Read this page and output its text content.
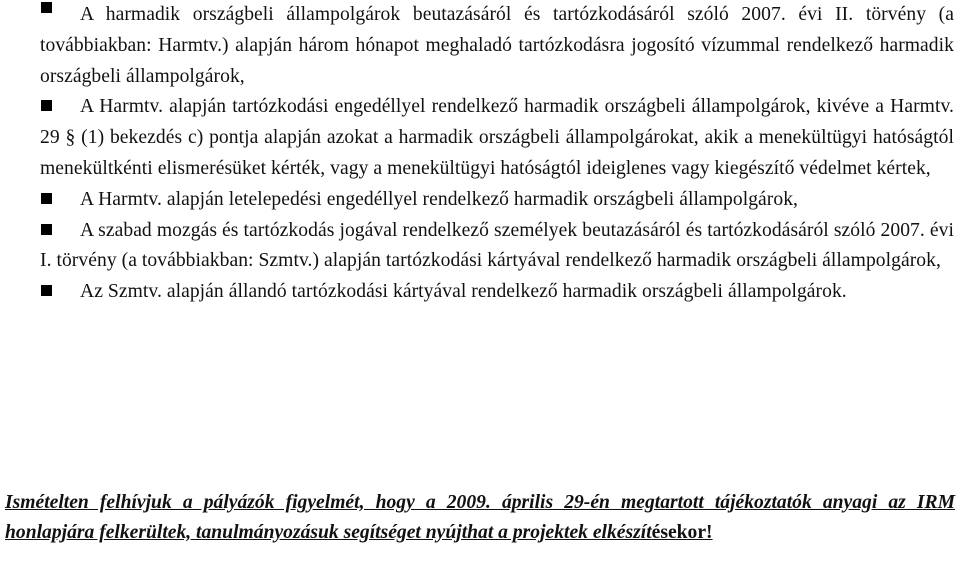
A harmadik országbeli állampolgárok beutazásáról és tartózkodásáról szóló 2007. évi II. törvény (a továbbiakban: Harmtv.) alapján három hónapot meghaladó tartózkodásra jogosító vízummal rendelkező harmadik országbeli állampolgárok,
A Harmtv. alapján tartózkodási engedéllyel rendelkező harmadik országbeli állampolgárok, kivéve a Harmtv. 29 § (1) bekezdés c) pontja alapján azokat a harmadik országbeli állampolgárokat, akik a menekültügyi hatóságtól menekültkénti elismerésüket kérték, vagy a menekültügyi hatóságtól ideiglenes vagy kiegészítő védelmet kértek,
A Harmtv. alapján letelepedési engedéllyel rendelkező harmadik országbeli állampolgárok,
A szabad mozgás és tartózkodás jogával rendelkező személyek beutazásáról és tartózkodásáról szóló 2007. évi I. törvény (a továbbiakban: Szmtv.) alapján tartózkodási kártyával rendelkező harmadik országbeli állampolgárok,
Az Szmtv. alapján állandó tartózkodási kártyával rendelkező harmadik országbeli állampolgárok.

Ismételten felhívjuk a pályázók figyelmét, hogy a 2009. április 29-én megtartott tájékoztatók anyagi az IRM honlapjára felkerültek, tanulmányozásuk segítséget nyújthat a projektek elkészítésekor!
